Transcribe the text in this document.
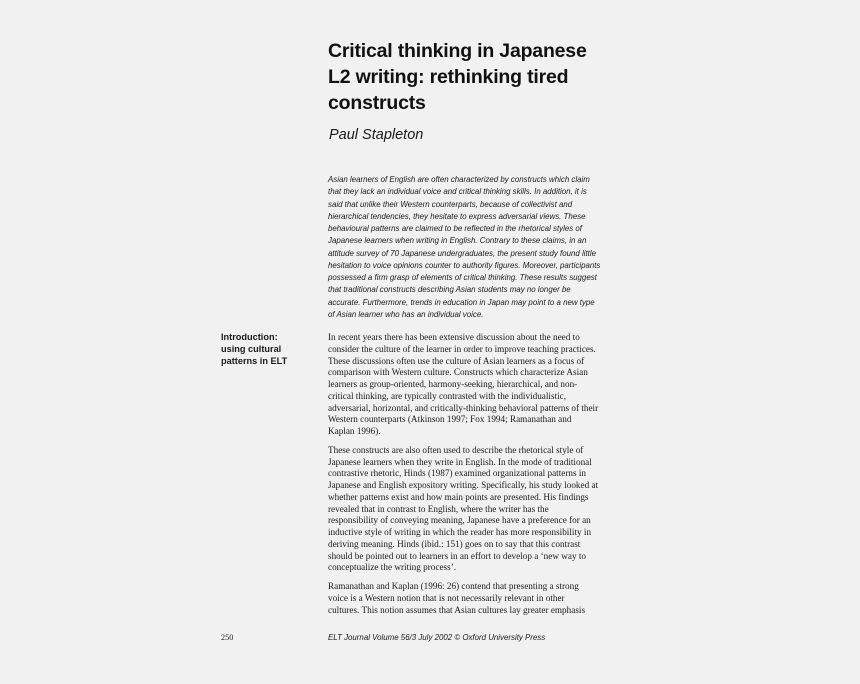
Critical thinking in Japanese
L2 writing: rethinking tired
constructs
Paul Stapleton
Asian learners of English are often characterized by constructs which claim
that they lack an individual voice and critical thinking skills. In addition, it is
said that unlike their Western counterparts, because of collectivist and
hierarchical tendencies, they hesitate to express adversarial views. These
behavioural patterns are claimed to be reflected in the rhetorical styles of
Japanese learners when writing in English. Contrary to these claims, in an
attitude survey of 70 Japanese undergraduates, the present study found little
hesitation to voice opinions counter to authority figures. Moreover, participants
possessed a firm grasp of elements of critical thinking. These results suggest
that traditional constructs describing Asian students may no longer be
accurate. Furthermore, trends in education in Japan may point to a new type
of Asian learner who has an individual voice.
Introduction:
using cultural
patterns in ELT

In recent years there has been extensive discussion about the need to
consider the culture of the learner in order to improve teaching practices.
These discussions often use the culture of Asian learners as a focus of
comparison with Western culture. Constructs which characterize Asian
learners as group-oriented, harmony-seeking, hierarchical, and non-
critical thinking, are typically contrasted with the individualistic,
adversarial, horizontal, and critically-thinking behavioral patterns of their
Western counterparts (Atkinson 1997; Fox 1994; Ramanathan and
Kaplan 1996).

These constructs are also often used to describe the rhetorical style of
Japanese learners when they write in English. In the mode of traditional
contrastive rhetoric, Hinds (1987) examined organizational patterns in
Japanese and English expository writing. Specifically, his study looked at
whether patterns exist and how main points are presented. His findings
revealed that in contrast to English, where the writer has the
responsibility of conveying meaning, Japanese have a preference for an
inductive style of writing in which the reader has more responsibility in
deriving meaning. Hinds (ibid.: 151) goes on to say that this contrast
should be pointed out to learners in an effort to develop a ‘new way to
conceptualize the writing process’.

Ramanathan and Kaplan (1996: 26) contend that presenting a strong
voice is a Western notion that is not necessarily relevant in other
cultures. This notion assumes that Asian cultures lay greater emphasis

250	ELT Journal Volume 56/3 July 2002 © Oxford University Press
